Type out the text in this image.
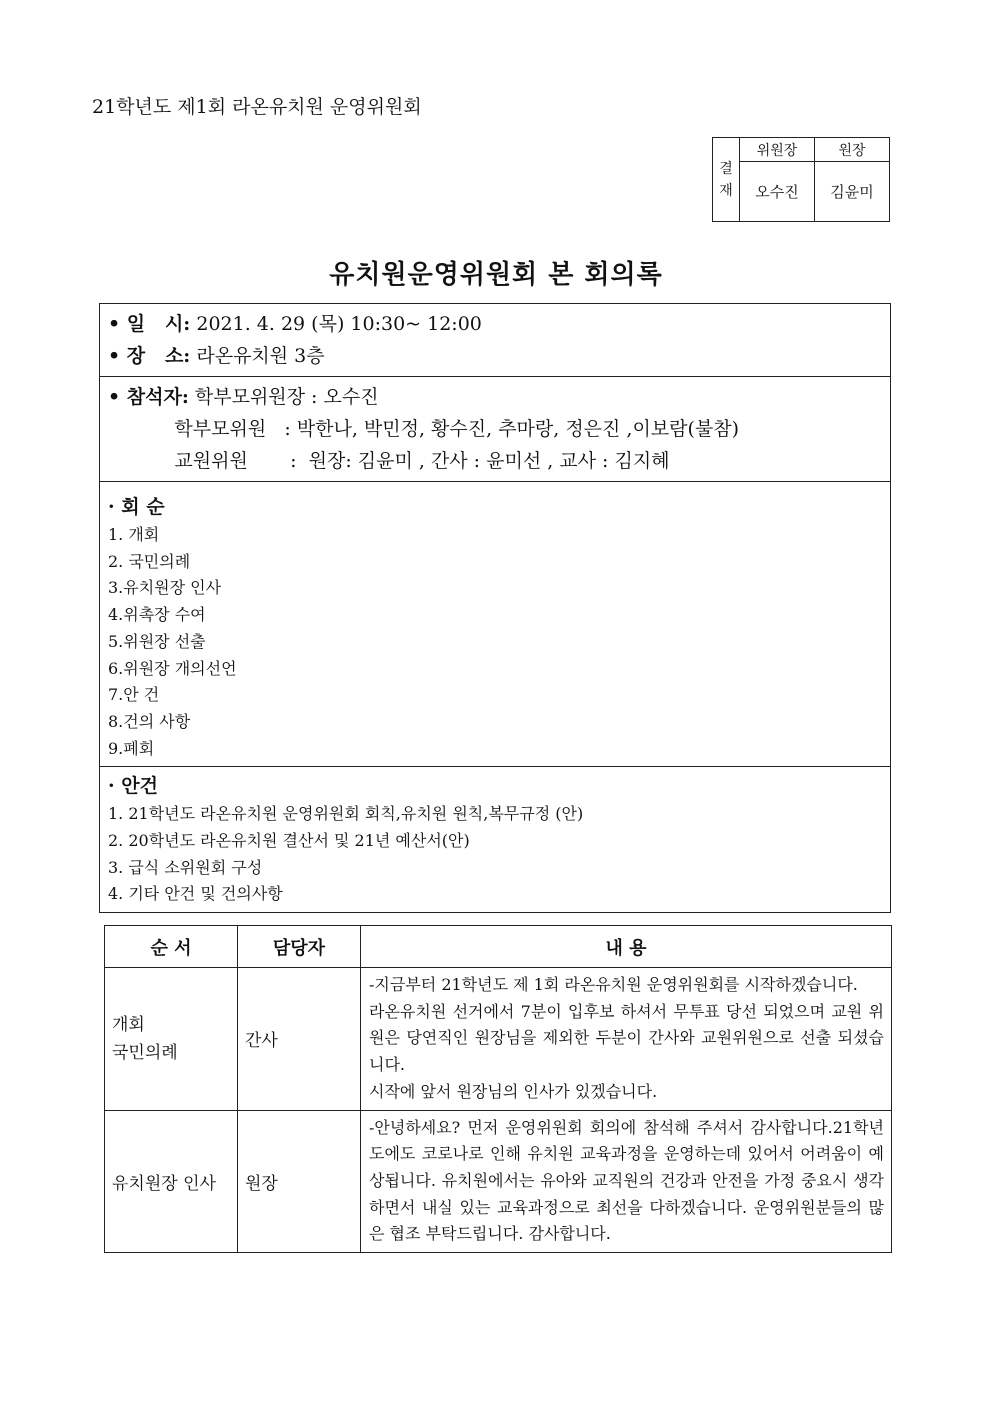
21학년도 제1회 라온유치원 운영위원회
결
재	위원장	원장
	오수진	김윤미
유치원운영위원회 본 회의록
• 일   시: 2021. 4. 29 (목) 10:30~ 12:00
• 장   소: 라온유치원 3층
• 참석자: 학부모위원장 : 오수진
학부모위원   : 박한나, 박민정, 황수진, 추마랑, 정은진 ,이보람(불참)
교원위원       :  원장: 김윤미 , 간사 : 윤미선 , 교사 : 김지혜
· 회 순
1. 개회
2. 국민의례
3.유치원장 인사
4.위촉장 수여
5.위원장 선출
6.위원장 개의선언
7.안 건
8.건의 사항
9.폐회
· 안건
1. 21학년도 라온유치원 운영위원회 회칙,유치원 원칙,복무규정 (안)
2. 20학년도 라온유치원 결산서 및 21년 예산서(안)
3. 급식 소위원회 구성
4. 기타 안건 및 건의사항
순 서	담당자	내 용
개회
국민의례	간사	-지금부터 21학년도 제 1회 라온유치원 운영위원회를 시작하겠습니다.
라온유치원 선거에서 7분이 입후보 하셔서 무투표 당선 되었으며 교원 위원은 당연직인 원장님을 제외한 두분이 간사와 교원위원으로 선출 되셨습니다.
시작에 앞서 원장님의 인사가 있겠습니다.
유치원장 인사	원장	-안녕하세요? 먼저 운영위원회 회의에 참석해 주셔서 감사합니다.21학년도에도 코로나로 인해 유치원 교육과정을 운영하는데 있어서 어려움이 예상됩니다. 유치원에서는 유아와 교직원의 건강과 안전을 가정 중요시 생각하면서 내실 있는 교육과정으로 최선을 다하겠습니다. 운영위원분들의 많은 협조 부탁드립니다. 감사합니다.
